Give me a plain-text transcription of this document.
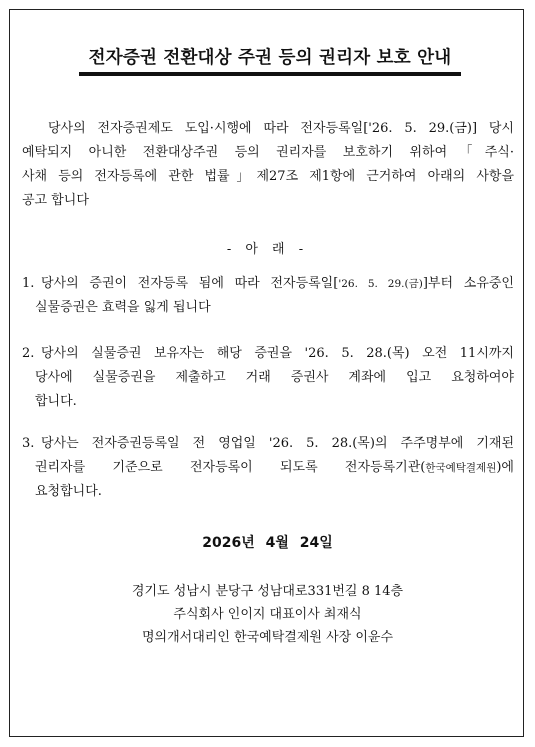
전자증권 전환대상 주권 등의 권리자 보호 안내
당사의 전자증권제도 도입·시행에 따라 전자등록일['26. 5. 29.(금)] 당시
예탁되지 아니한 전환대상주권 등의 권리자를 보호하기 위하여「주식·
사채 등의 전자등록에 관한 법률」제27조 제1항에 근거하여 아래의 사항을
공고 합니다
- 아 래 -
1. 당사의 증권이 전자등록 됨에 따라 전자등록일['26. 5. 29.(금)]부터 소유중인
실물증권은 효력을 잃게 됩니다
2. 당사의 실물증권 보유자는 해당 증권을 '26. 5. 28.(목) 오전 11시까지
당사에 실물증권을 제출하고 거래 증권사 계좌에 입고 요청하여야
합니다.
3. 당사는 전자증권등록일 전 영업일 '26. 5. 28.(목)의 주주명부에 기재된
권리자를 기준으로 전자등록이 되도록 전자등록기관(한국예탁결제원)에
요청합니다.
2026년 4월 24일
경기도 성남시 분당구 성남대로331번길 8 14층
주식회사 인이지 대표이사 최재식
명의개서대리인 한국예탁결제원 사장 이윤수
